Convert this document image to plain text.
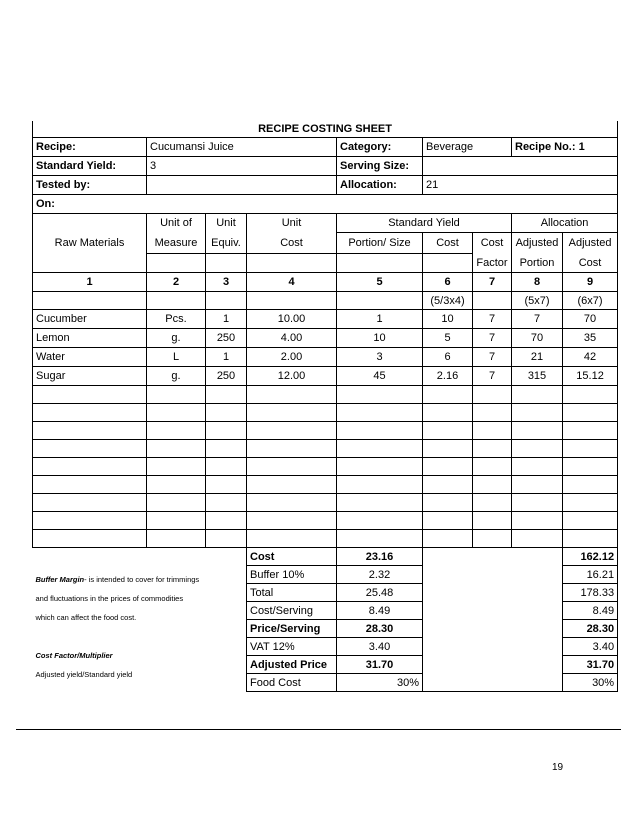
RECIPE COSTING SHEET								
Recipe:	Cucumansi Juice			Category:	Beverage		Recipe No.: 1	
Standard Yield:	3			Serving Size:				
Tested by:				Allocation:	21			
On:								
Raw Materials	Unit of	Unit	Unit	Standard Yield			Allocation	
	Measure	Equiv.	Cost	Portion/ Size	Cost	Cost	Adjusted	Adjusted
						Factor	Portion	Cost
1	2	3	4	5	6	7	8	9
					(5/3x4)		(5x7)	(6x7)
Cucumber	Pcs.	1	10.00	1	10	7	7	70
Lemon	g.	250	4.00	10	5	7	70	35
Water	L	1	2.00	3	6	7	21	42
Sugar	g.	250	12.00	45	2.16	7	315	15.12

Buffer Margin- is intended to cover for trimmings
and fluctuations in the prices of commodities
which can affect the food cost.
Cost Factor/Multiplier
Adjusted yield/Standard yield			Cost	23.16				162.12
			Buffer 10%	2.32				16.21
			Total	25.48				178.33
			Cost/Serving	8.49				8.49
			Price/Serving	28.30				28.30
			VAT 12%	3.40				3.40
			Adjusted Price	31.70				31.70
			Food Cost	30%				30%
19
